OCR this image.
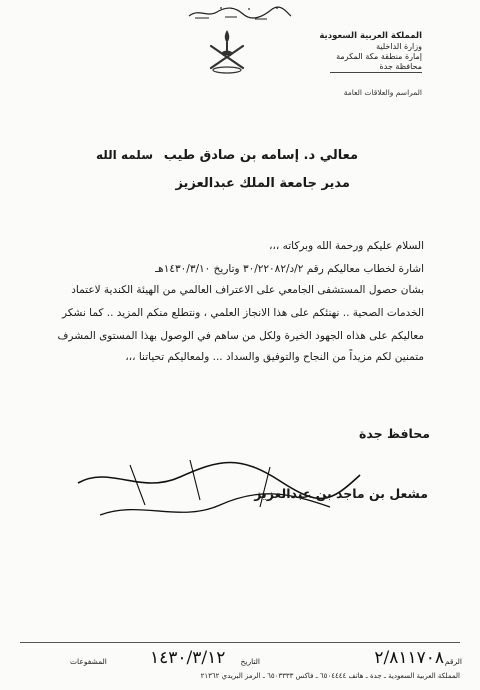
المملكة العربية السعودية
وزارة الداخلية
إمارة منطقة مكة المكرمة
محافظة جدة
المراسم والعلاقات العامة
معالي د. إسامه بن صادق طيب
سلمه الله
مدير جامعة الملك عبدالعزيز
السلام عليكم ورحمة الله وبركاته ،،،
اشارة لخطاب معاليكم رقم ٢/د/٣٠/٢٢٠٨٢ وتاريخ ١٤٣٠/٣/١٠هـ
بشان حصول المستشفى الجامعي على الاعتراف العالمي من الهيئة الكندية لاعتماد
الخدمات الصحية .. نهنئكم على هذا الانجاز العلمي ، ونتطلع منكم المزيد .. كما نشكر
معاليكم على هذاه الجهود الخيرة ولكل من ساهم في الوصول بهذا المستوى المشرف
متمنين لكم مزيداً من النجاح والتوفيق والسداد ... ولمعاليكم تحياتنا ،،،
محافظ جدة
مشعل بن ماجد بن عبدالعزيز
الرقم
٢/٨١١٧٠٨
التاريخ
١٤٣٠/٣/١٢
المشفوعات
المملكة العربية السعودية ـ جدة ـ هاتف ٦٥٠٤٤٤٤ ـ فاكس ٦٥٠٣٣٣٣ ـ الرمز البريدي ٢١٣٦٢
